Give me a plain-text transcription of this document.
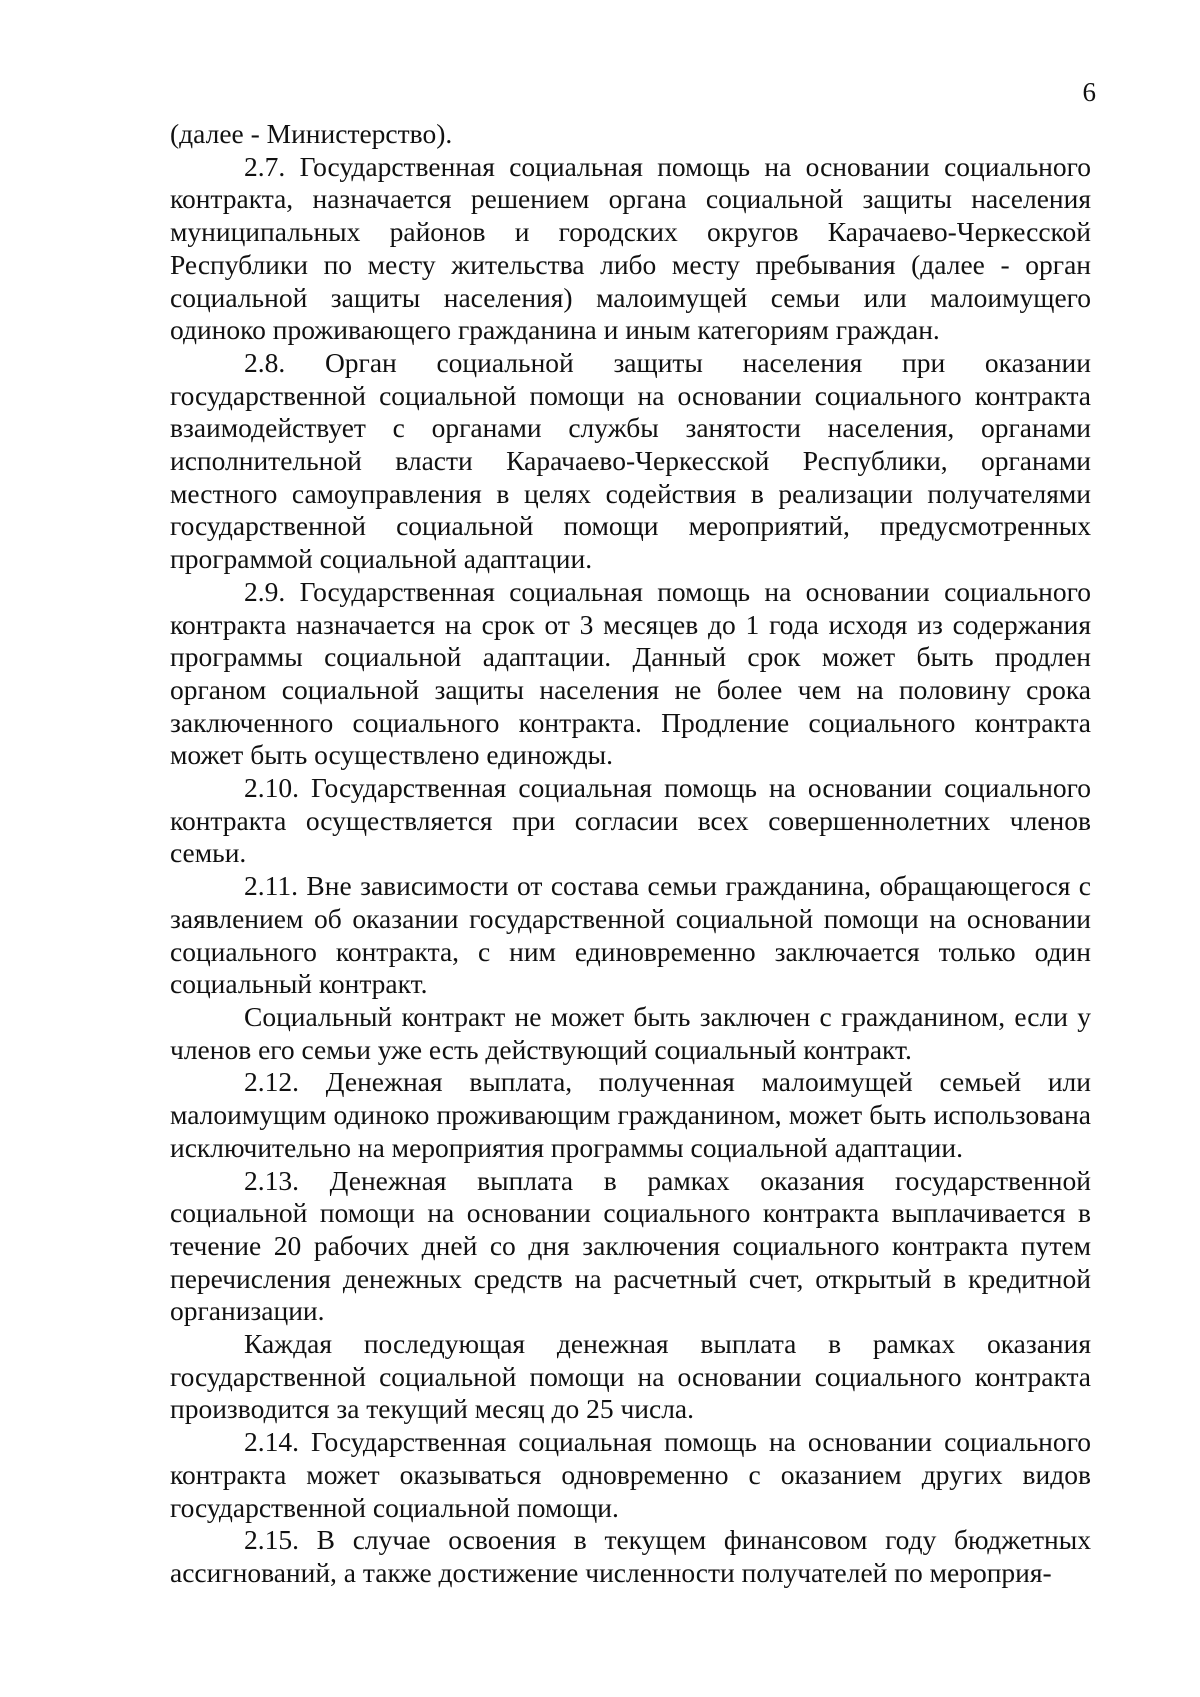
6

(далее - Министерство).

2.7. Государственная социальная помощь на основании социального контракта, назначается решением органа социальной защиты населения муниципальных районов и городских округов Карачаево-Черкесской Республики по месту жительства либо месту пребывания (далее - орган социальной защиты населения) малоимущей семьи или малоимущего одиноко проживающего гражданина и иным категориям граждан.

2.8. Орган социальной защиты населения при оказании государственной социальной помощи на основании социального контракта взаимодействует с органами службы занятости населения, органами исполнительной власти Карачаево-Черкесской Республики, органами местного самоуправления в целях содействия в реализации получателями государственной социальной помощи мероприятий, предусмотренных программой социальной адаптации.

2.9. Государственная социальная помощь на основании социального контракта назначается на срок от 3 месяцев до 1 года исходя из содержания программы социальной адаптации. Данный срок может быть продлен органом социальной защиты населения не более чем на половину срока заключенного социального контракта. Продление социального контракта может быть осуществлено единожды.

2.10. Государственная социальная помощь на основании социального контракта осуществляется при согласии всех совершеннолетних членов семьи.

2.11. Вне зависимости от состава семьи гражданина, обращающегося с заявлением об оказании государственной социальной помощи на основании социального контракта, с ним единовременно заключается только один социальный контракт.

Социальный контракт не может быть заключен с гражданином, если у членов его семьи уже есть действующий социальный контракт.

2.12. Денежная выплата, полученная малоимущей семьей или малоимущим одиноко проживающим гражданином, может быть использована исключительно на мероприятия программы социальной адаптации.

2.13. Денежная выплата в рамках оказания государственной социальной помощи на основании социального контракта выплачивается в течение 20 рабочих дней со дня заключения социального контракта путем перечисления денежных средств на расчетный счет, открытый в кредитной организации.

Каждая последующая денежная выплата в рамках оказания государственной социальной помощи на основании социального контракта производится за текущий месяц до 25 числа.

2.14. Государственная социальная помощь на основании социального контракта может оказываться одновременно с оказанием других видов государственной социальной помощи.

2.15. В случае освоения в текущем финансовом году бюджетных ассигнований, а также достижение численности получателей по мероприя-
